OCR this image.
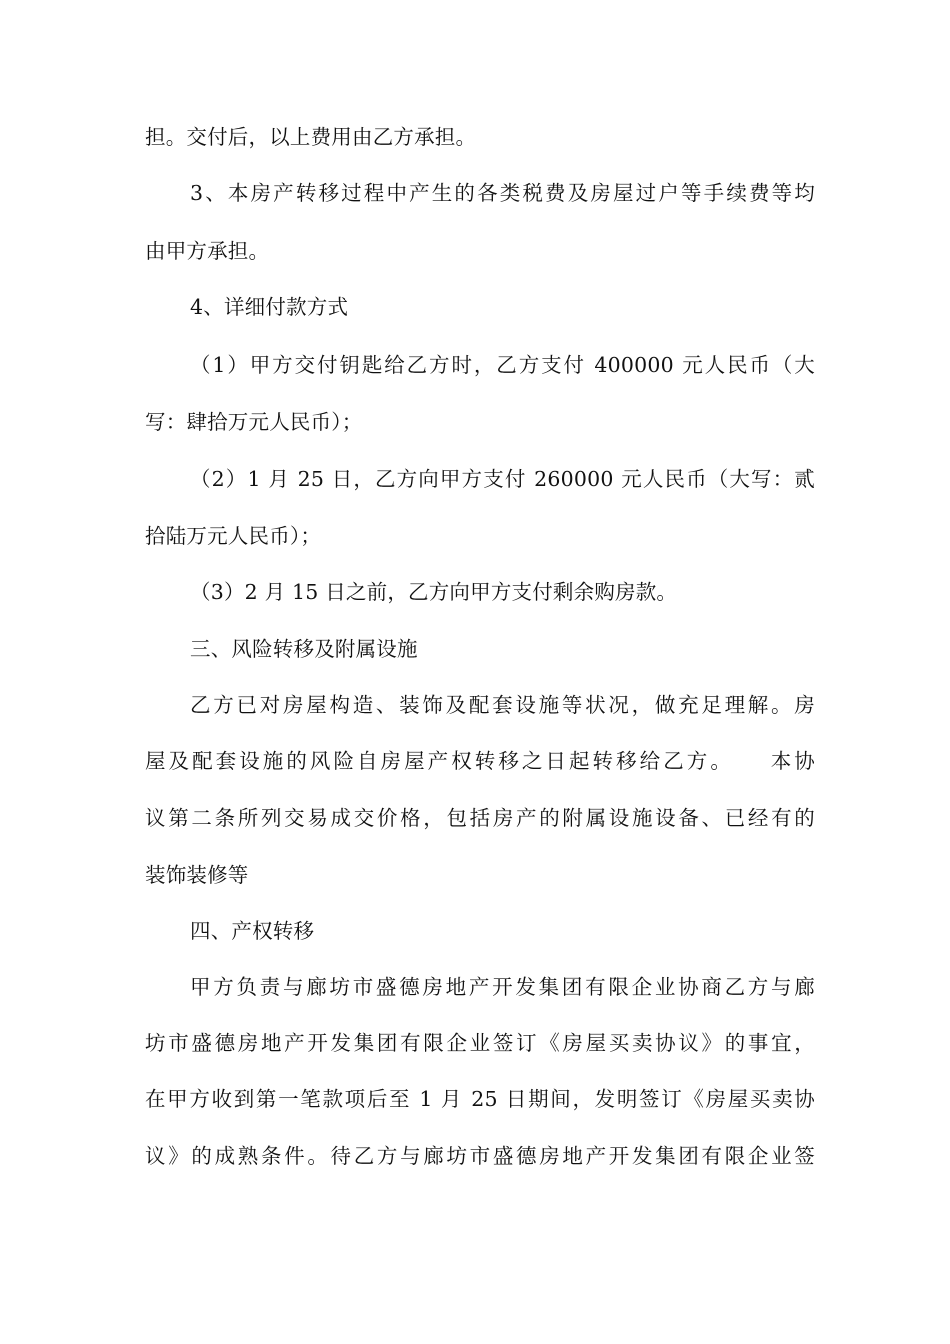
担。交付后，以上费用由乙方承担。
3、本房产转移过程中产生的各类税费及房屋过户等手续费等均
由甲方承担。
4、详细付款方式
（1）甲方交付钥匙给乙方时，乙方支付 400000 元人民币（大
写：肆拾万元人民币）；
（2）1 月 25 日，乙方向甲方支付 260000 元人民币（大写：贰
拾陆万元人民币）；
（3）2 月 15 日之前，乙方向甲方支付剩余购房款。
三、风险转移及附属设施
乙方已对房屋构造、装饰及配套设施等状况，做充足理解。房
屋及配套设施的风险自房屋产权转移之日起转移给乙方。　　本协
议第二条所列交易成交价格，包括房产的附属设施设备、已经有的
装饰装修等
四、产权转移
甲方负责与廊坊市盛德房地产开发集团有限企业协商乙方与廊
坊市盛德房地产开发集团有限企业签订《房屋买卖协议》的事宜，
在甲方收到第一笔款项后至 1 月 25 日期间，发明签订《房屋买卖协
议》的成熟条件。待乙方与廊坊市盛德房地产开发集团有限企业签
